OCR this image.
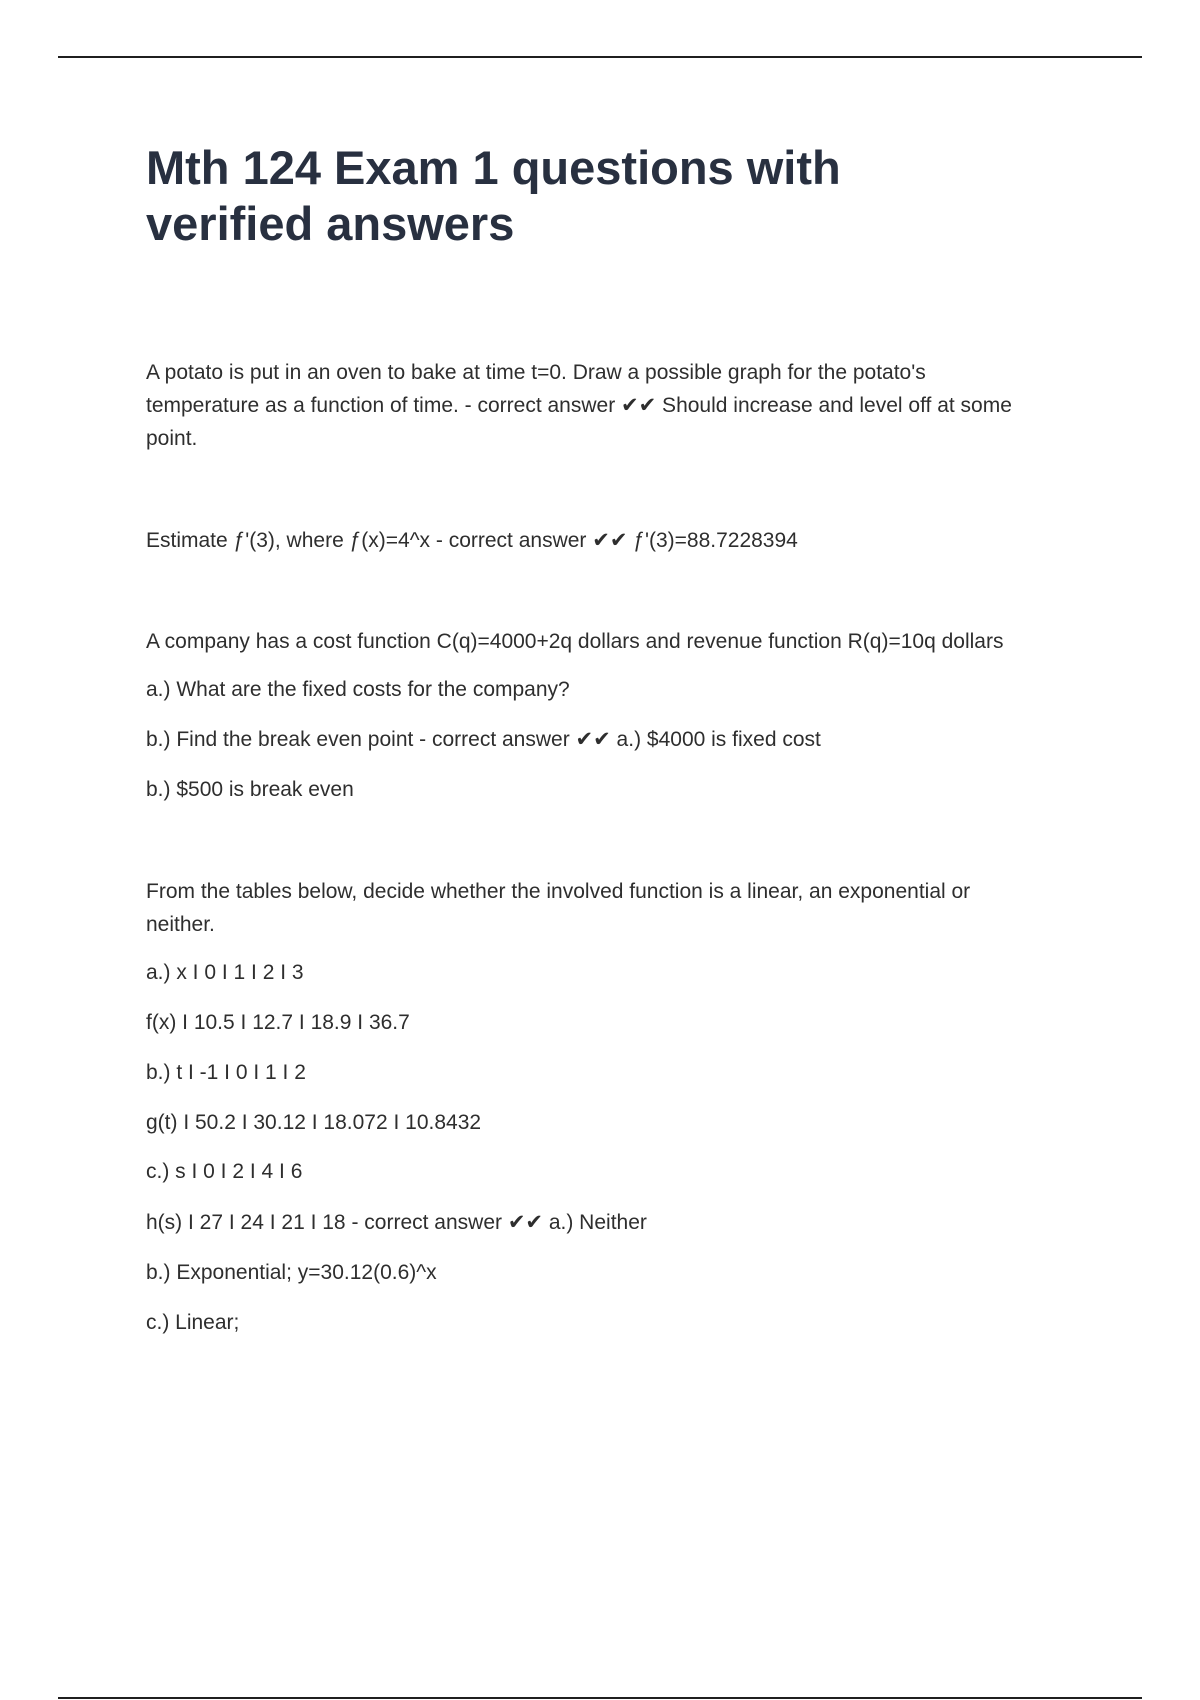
Mth 124 Exam 1 questions with
verified answers

A potato is put in an oven to bake at time t=0. Draw a possible graph for the potato's

temperature as a function of time. - correct answer ✔✔ Should increase and level off at some

point.

Estimate ƒ'(3), where ƒ(x)=4^x - correct answer ✔✔ ƒ'(3)=88.7228394

A company has a cost function C(q)=4000+2q dollars and revenue function R(q)=10q dollars

a.) What are the fixed costs for the company?

b.) Find the break even point - correct answer ✔✔ a.) $4000 is fixed cost

b.) $500 is break even

From the tables below, decide whether the involved function is a linear, an exponential or

neither.

a.) x I 0 I 1 I 2 I 3

f(x) I 10.5 I 12.7 I 18.9 I 36.7

b.) t I -1 I 0 I 1 I 2

g(t) I 50.2 I 30.12 I 18.072 I 10.8432

c.) s I 0 I 2 I 4 I 6

h(s) I 27 I 24 I 21 I 18 - correct answer ✔✔ a.) Neither

b.) Exponential; y=30.12(0.6)^x

c.) Linear;
